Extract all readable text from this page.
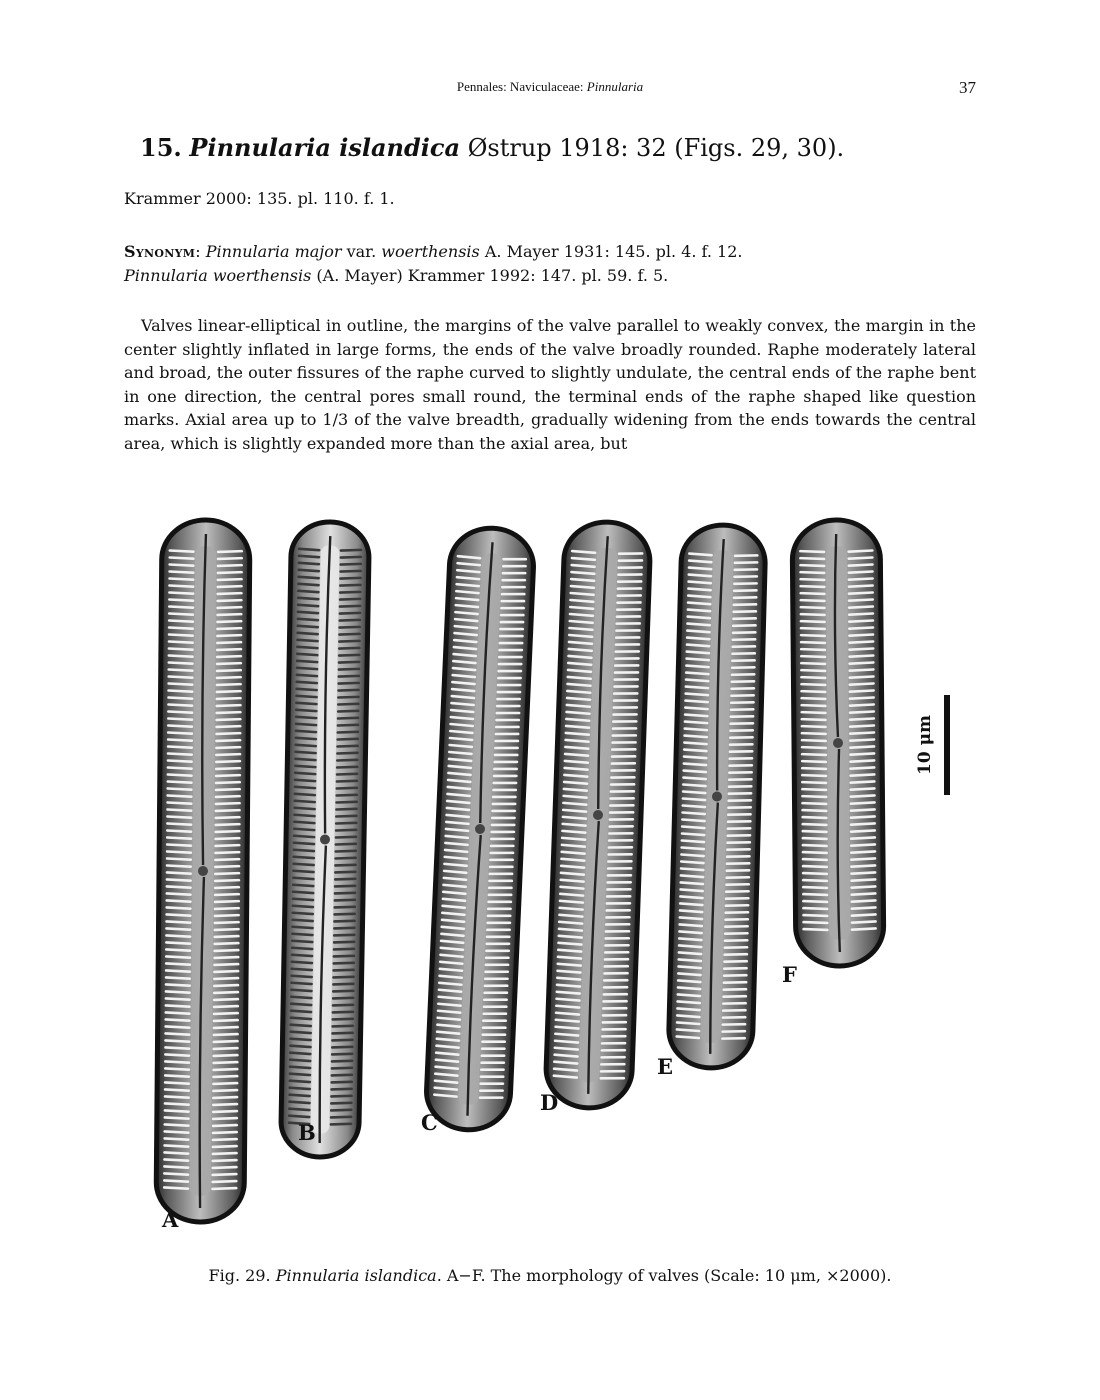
Pennales: Naviculaceae: Pinnularia	37
15. Pinnularia islandica Østrup 1918: 32 (Figs. 29, 30).
Krammer 2000: 135. pl. 110. f. 1.
Synonym: Pinnularia major var. woerthensis A. Mayer 1931: 145. pl. 4. f. 12.
Pinnularia woerthensis (A. Mayer) Krammer 1992: 147. pl. 59. f. 5.
Valves linear-elliptical in outline, the margins of the valve parallel to weakly convex, the margin in the center slightly inflated in large forms, the ends of the valve broadly rounded. Raphe moderately lateral and broad, the outer fissures of the raphe curved to slightly undulate, the central ends of the raphe bent in one direction, the central pores small round, the terminal ends of the raphe shaped like question marks. Axial area up to 1/3 of the valve breadth, gradually widening from the ends towards the central area, which is slightly expanded more than the axial area, but
A
B	C
D
E
F
10 μm
Fig. 29. Pinnularia islandica. A−F. The morphology of valves (Scale: 10 μm, ×2000).
